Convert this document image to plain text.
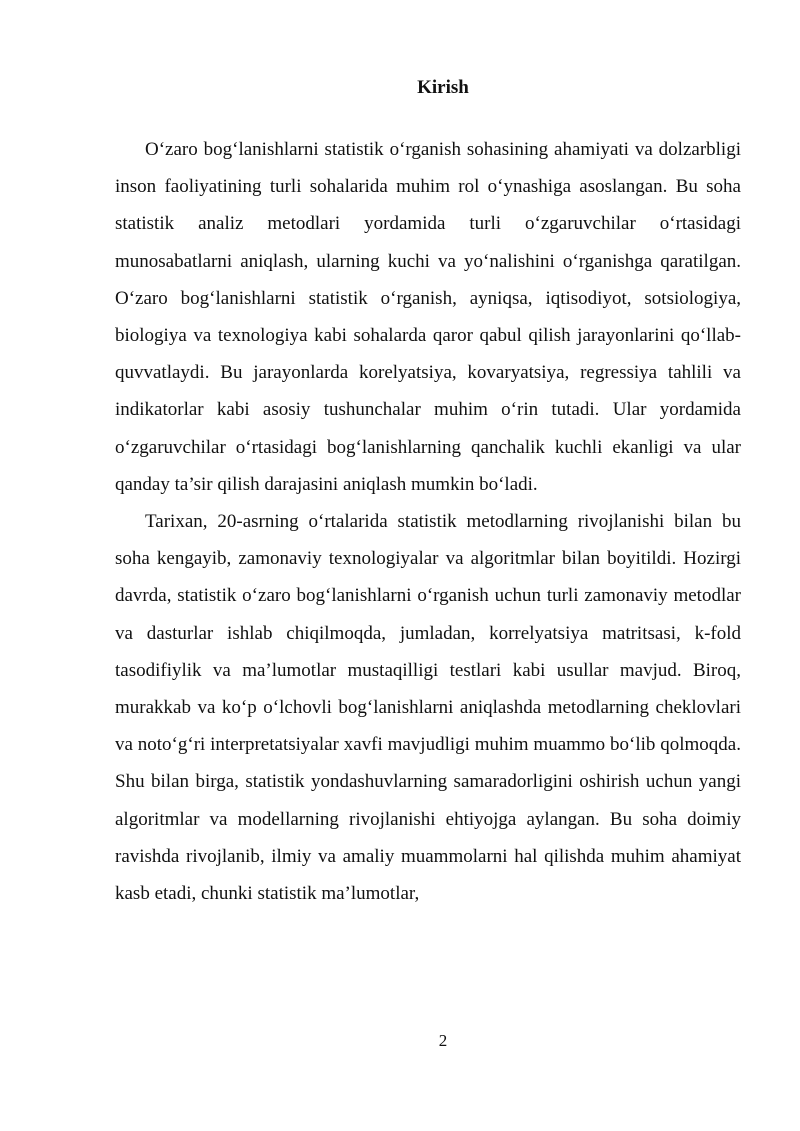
Kirish

O‘zaro bog‘lanishlarni statistik o‘rganish sohasining ahamiyati va dolzarbligi inson faoliyatining turli sohalarida muhim rol o‘ynashiga asoslangan. Bu soha statistik analiz metodlari yordamida turli o‘zgaruvchilar o‘rtasidagi munosabatlarni aniqlash, ularning kuchi va yo‘nalishini o‘rganishga qaratilgan. O‘zaro bog‘lanishlarni statistik o‘rganish, ayniqsa, iqtisodiyot, sotsiologiya, biologiya va texnologiya kabi sohalarda qaror qabul qilish jarayonlarini qo‘llab-quvvatlaydi. Bu jarayonlarda korelyatsiya, kovaryatsiya, regressiya tahlili va indikatorlar kabi asosiy tushunchalar muhim o‘rin tutadi. Ular yordamida o‘zgaruvchilar o‘rtasidagi bog‘lanishlarning qanchalik kuchli ekanligi va ular qanday ta’sir qilish darajasini aniqlash mumkin bo‘ladi.

Tarixan, 20-asrning o‘rtalarida statistik metodlarning rivojlanishi bilan bu soha kengayib, zamonaviy texnologiyalar va algoritmlar bilan boyitildi. Hozirgi davrda, statistik o‘zaro bog‘lanishlarni o‘rganish uchun turli zamonaviy metodlar va dasturlar ishlab chiqilmoqda, jumladan, korrelyatsiya matritsasi, k-fold tasodifiylik va ma’lumotlar mustaqilligi testlari kabi usullar mavjud. Biroq, murakkab va ko‘p o‘lchovli bog‘lanishlarni aniqlashda metodlarning cheklovlari va noto‘g‘ri interpretatsiyalar xavfi mavjudligi muhim muammo bo‘lib qolmoqda. Shu bilan birga, statistik yondashuvlarning samaradorligini oshirish uchun yangi algoritmlar va modellarning rivojlanishi ehtiyojga aylangan. Bu soha doimiy ravishda rivojlanib, ilmiy va amaliy muammolarni hal qilishda muhim ahamiyat kasb etadi, chunki statistik ma’lumotlar,

2
